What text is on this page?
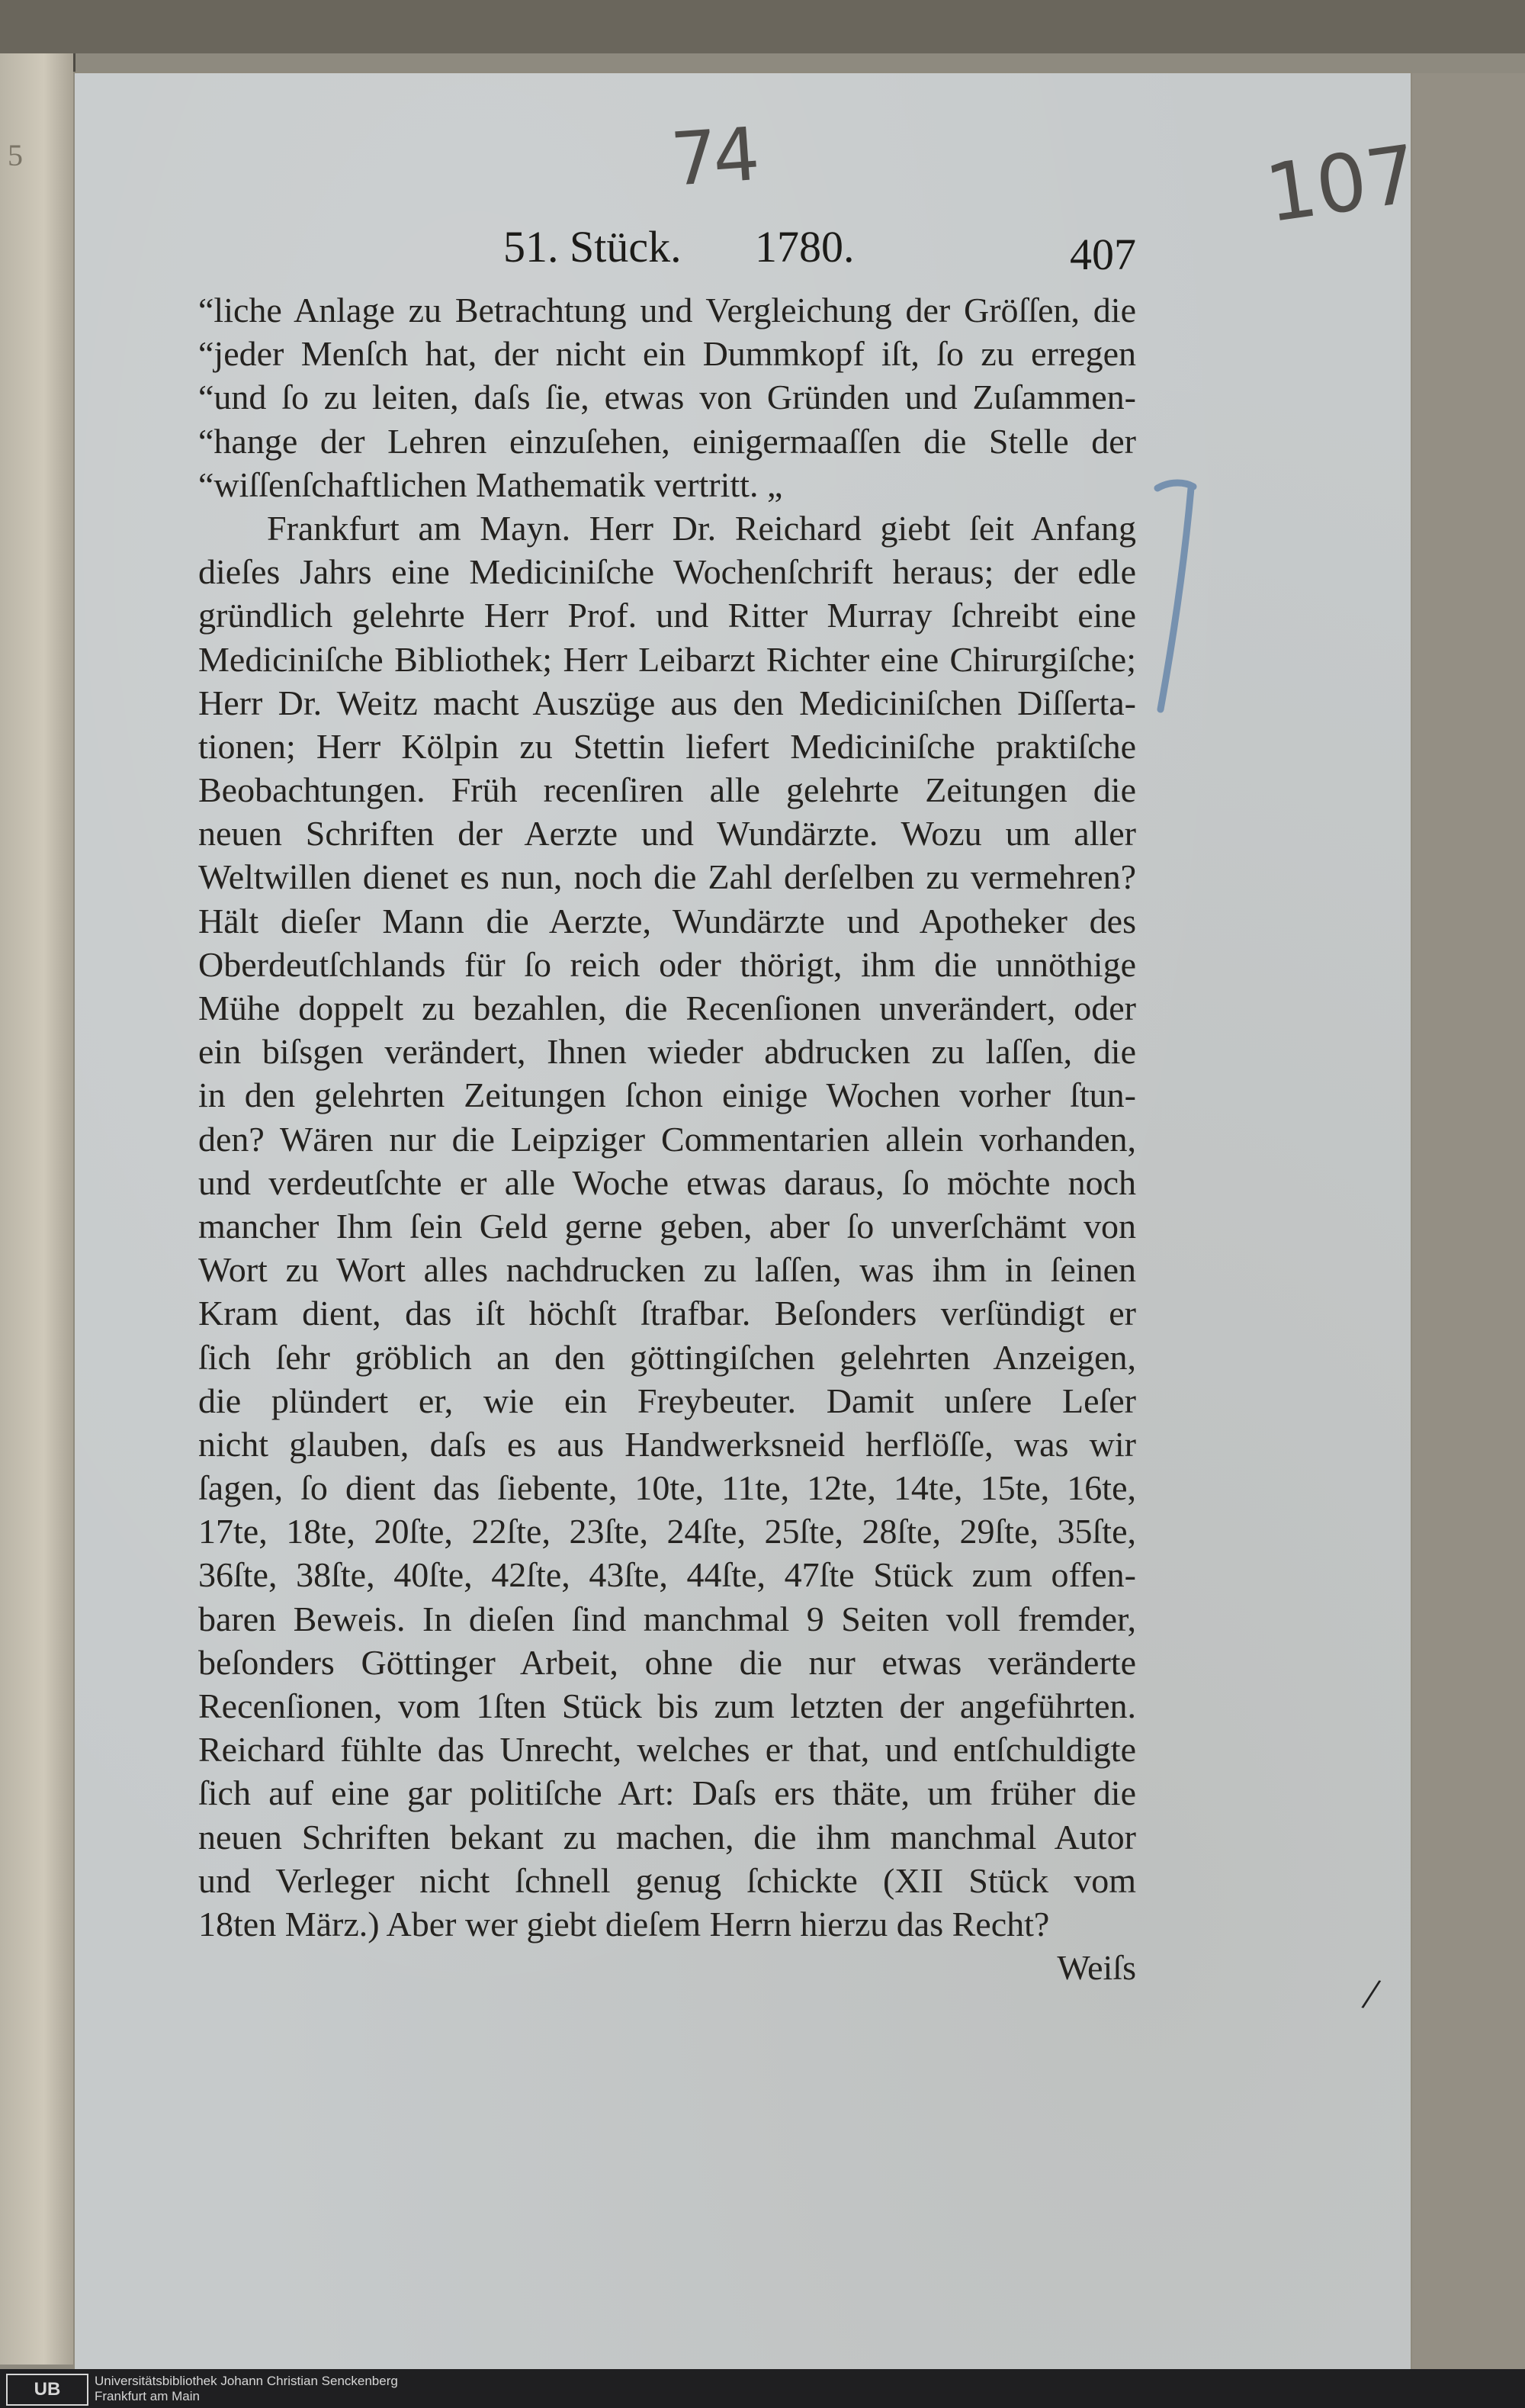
5	74	107
/
51. Stück. 1780.	407
“liche Anlage zu Betrachtung und Vergleichung der Gröſſen, die
“jeder Menſch hat, der nicht ein Dummkopf iſt, ſo zu erregen
“und ſo zu leiten, daſs ſie, etwas von Gründen und Zuſammen-
“hange der Lehren einzuſehen, einigermaaſſen die Stelle der
“wiſſenſchaftlichen Mathematik vertritt. „
Frankfurt am Mayn. Herr Dr. Reichard giebt ſeit Anfang
dieſes Jahrs eine Mediciniſche Wochenſchrift heraus; der edle
gründlich gelehrte Herr Prof. und Ritter Murray ſchreibt eine
Mediciniſche Bibliothek; Herr Leibarzt Richter eine Chirurgiſche;
Herr Dr. Weitz macht Auszüge aus den Mediciniſchen Diſſerta-
tionen; Herr Kölpin zu Stettin liefert Mediciniſche praktiſche
Beobachtungen. Früh recenſiren alle gelehrte Zeitungen die
neuen Schriften der Aerzte und Wundärzte. Wozu um aller
Weltwillen dienet es nun, noch die Zahl derſelben zu vermehren?
Hält dieſer Mann die Aerzte, Wundärzte und Apotheker des
Oberdeutſchlands für ſo reich oder thörigt, ihm die unnöthige
Mühe doppelt zu bezahlen, die Recenſionen unverändert, oder
ein biſsgen verändert, Ihnen wieder abdrucken zu laſſen, die
in den gelehrten Zeitungen ſchon einige Wochen vorher ſtun-
den? Wären nur die Leipziger Commentarien allein vorhanden,
und verdeutſchte er alle Woche etwas daraus, ſo möchte noch
mancher Ihm ſein Geld gerne geben, aber ſo unverſchämt von
Wort zu Wort alles nachdrucken zu laſſen, was ihm in ſeinen
Kram dient, das iſt höchſt ſtrafbar. Beſonders verſündigt er
ſich ſehr gröblich an den göttingiſchen gelehrten Anzeigen,
die plündert er, wie ein Freybeuter. Damit unſere Leſer
nicht glauben, daſs es aus Handwerksneid herflöſſe, was wir
ſagen, ſo dient das ſiebente, 10te, 11te, 12te, 14te, 15te, 16te,
17te, 18te, 20ſte, 22ſte, 23ſte, 24ſte, 25ſte, 28ſte, 29ſte, 35ſte,
36ſte, 38ſte, 40ſte, 42ſte, 43ſte, 44ſte, 47ſte Stück zum offen-
baren Beweis. In dieſen ſind manchmal 9 Seiten voll fremder,
beſonders Göttinger Arbeit, ohne die nur etwas veränderte
Recenſionen, vom 1ſten Stück bis zum letzten der angeführten.
Reichard fühlte das Unrecht, welches er that, und entſchuldigte
ſich auf eine gar politiſche Art: Daſs ers thäte, um früher die
neuen Schriften bekant zu machen, die ihm manchmal Autor
und Verleger nicht ſchnell genug ſchickte (XII Stück vom
18ten März.) Aber wer giebt dieſem Herrn hierzu das Recht?
Weiſs
UB	Universitätsbibliothek Johann Christian Senckenberg
Frankfurt am Main
